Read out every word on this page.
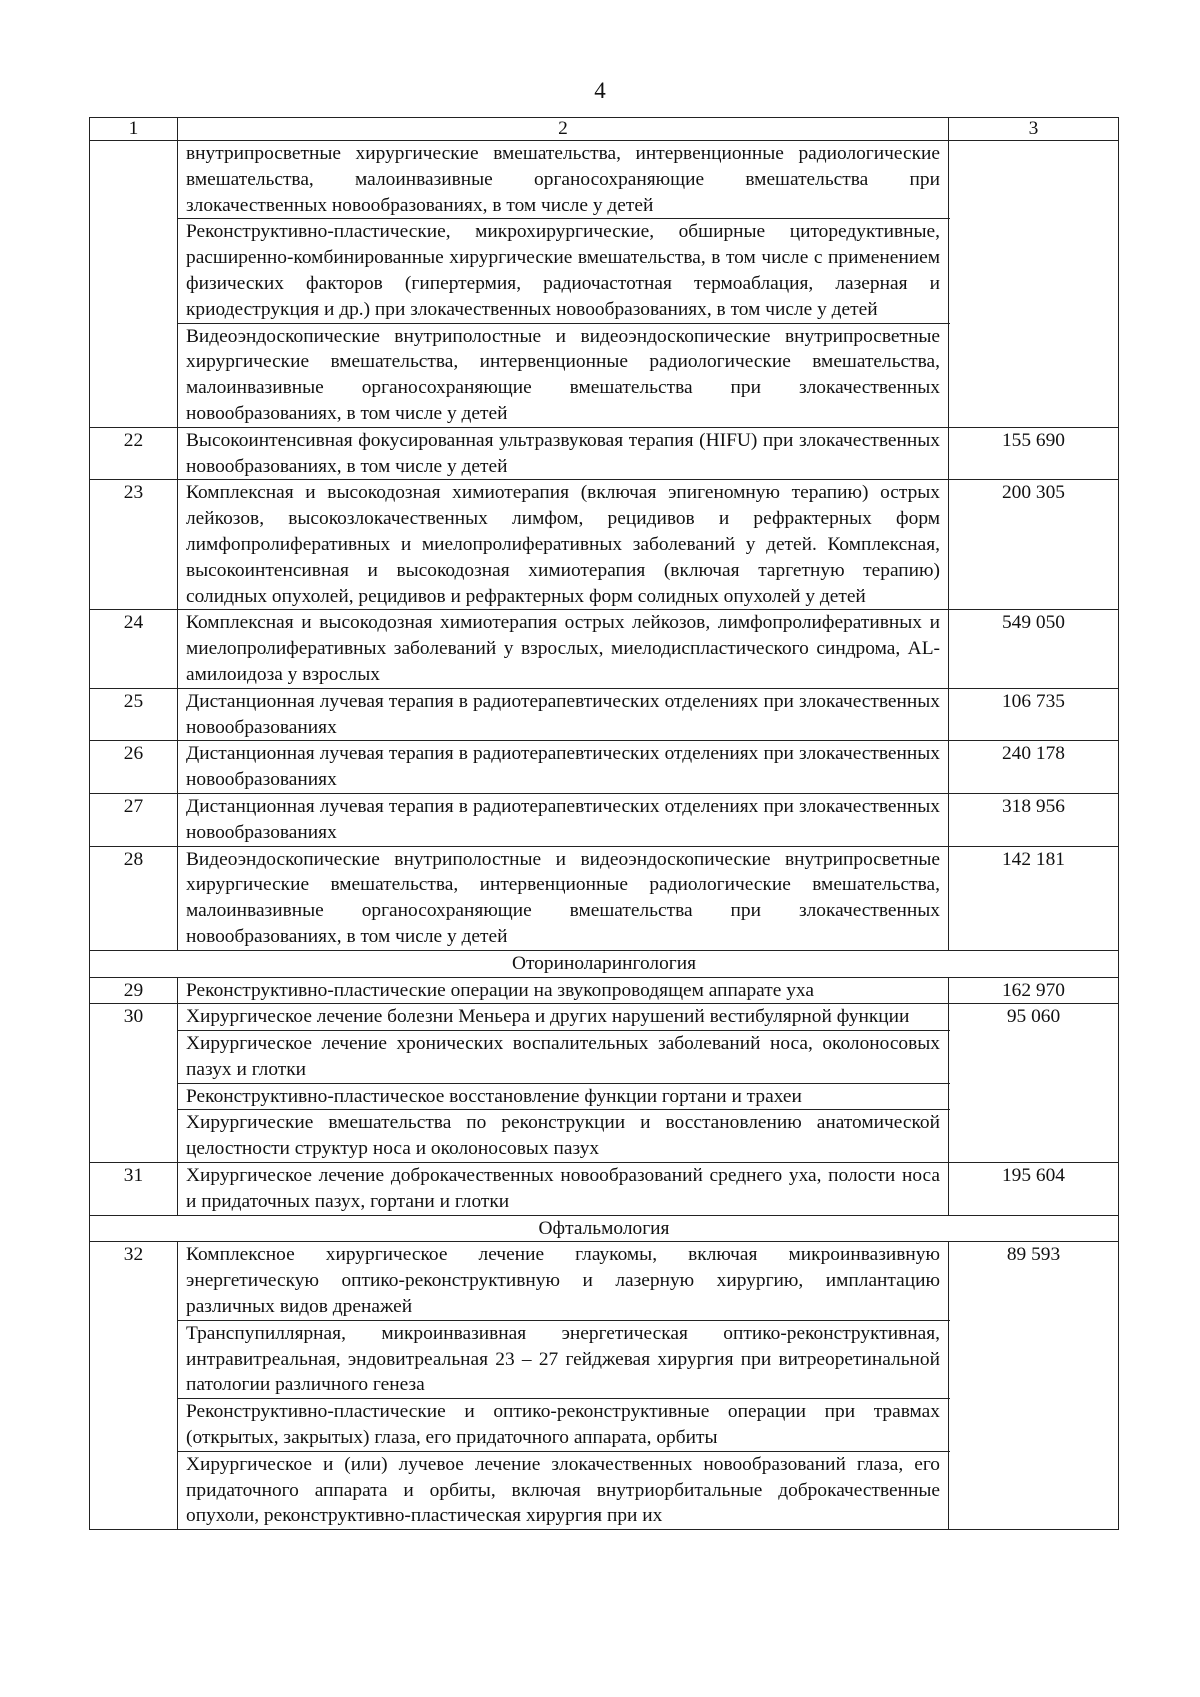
4
1	2	3

	внутрипросветные хирургические вмешательства, интервенционные радиологические вмешательства, малоинвазивные органосохраняющие вмешательства при злокачественных новообразованиях, в том числе у детей
Реконструктивно-пластические, микрохирургические, обширные циторедуктивные, расширенно-комбинированные хирургические вмешательства, в том числе с применением физических факторов (гипертермия, радиочастотная термоаблация, лазерная и криодеструкция и др.) при злокачественных новообразованиях, в том числе у детей
Видеоэндоскопические внутриполостные и видеоэндоскопические внутрипросветные хирургические вмешательства, интервенционные радиологические вмешательства, малоинвазивные органосохраняющие вмешательства при злокачественных новообразованиях, в том числе у детей	

22	Высокоинтенсивная фокусированная ультразвуковая терапия (HIFU) при злокачественных новообразованиях, в том числе у детей	155 690
23	Комплексная и высокодозная химиотерапия (включая эпигеномную терапию) острых лейкозов, высокозлокачественных лимфом, рецидивов и рефрактерных форм лимфопролиферативных и миелопролиферативных заболеваний у детей. Комплексная, высокоинтенсивная и высокодозная химиотерапия (включая таргетную терапию) солидных опухолей, рецидивов и рефрактерных форм солидных опухолей у детей	200 305
24	Комплексная и высокодозная химиотерапия острых лейкозов, лимфопролиферативных и миелопролиферативных заболеваний у взрослых, миелодиспластического синдрома, AL-амилоидоза у взрослых	549 050
25	Дистанционная лучевая терапия в радиотерапевтических отделениях при злокачественных новообразованиях	106 735
26	Дистанционная лучевая терапия в радиотерапевтических отделениях при злокачественных новообразованиях	240 178
27	Дистанционная лучевая терапия в радиотерапевтических отделениях при злокачественных новообразованиях	318 956
28	Видеоэндоскопические внутриполостные и видеоэндоскопические внутрипросветные хирургические вмешательства, интервенционные радиологические вмешательства, малоинвазивные органосохраняющие вмешательства при злокачественных новообразованиях, в том числе у детей	142 181
Оториноларингология		
29	Реконструктивно-пластические операции на звукопроводящем аппарате уха	162 970
30	Хирургическое лечение болезни Меньера и других нарушений вестибулярной функции
Хирургическое лечение хронических воспалительных заболеваний носа, околоносовых пазух и глотки
Реконструктивно-пластическое восстановление функции гортани и трахеи
Хирургические вмешательства по реконструкции и восстановлению анатомической целостности структур носа и околоносовых пазух	95 060
31	Хирургическое лечение доброкачественных новообразований среднего уха, полости носа и придаточных пазух, гортани и глотки	195 604
Офтальмология		
32	Комплексное хирургическое лечение глаукомы, включая микроинвазивную энергетическую оптико-реконструктивную и лазерную хирургию, имплантацию различных видов дренажей
Транспупиллярная, микроинвазивная энергетическая оптико-реконструктивная, интравитреальная, эндовитреальная 23 – 27 гейджевая хирургия при витреоретинальной патологии различного генеза
Реконструктивно-пластические и оптико-реконструктивные операции при травмах (открытых, закрытых) глаза, его придаточного аппарата, орбиты
Хирургическое и (или) лучевое лечение злокачественных новообразований глаза, его придаточного аппарата и орбиты, включая внутриорбитальные доброкачественные опухоли, реконструктивно-пластическая хирургия при их	89 593
